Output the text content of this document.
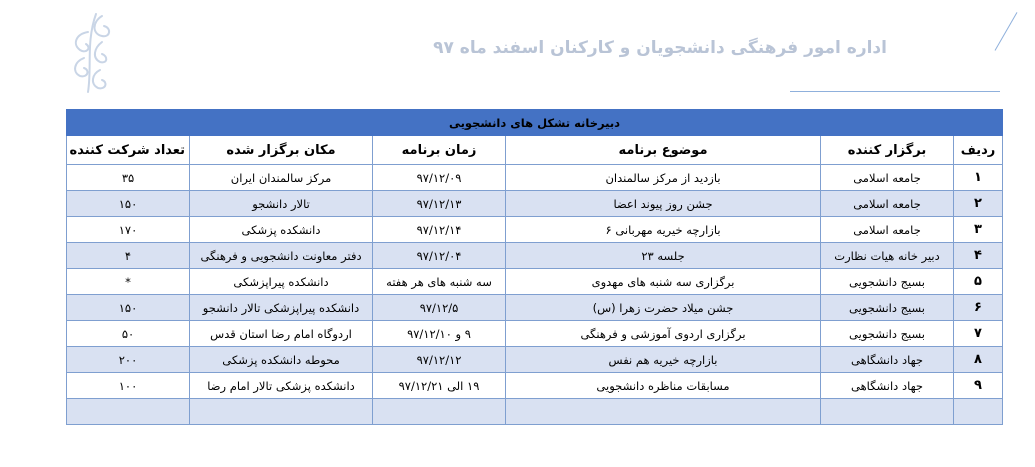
اداره امور فرهنگی دانشجویان و کارکنان اسفند ماه ۹۷
دبیرخانه تشکل های دانشجویی					
ردیف	برگزار کننده	موضوع برنامه	زمان برنامه	مکان برگزار شده	تعداد شرکت کننده
۱	جامعه اسلامی	بازدید از مرکز سالمندان	۹۷/۱۲/۰۹	مرکز سالمندان ایران	۳۵
۲	جامعه اسلامی	جشن روز پیوند اعضا	۹۷/۱۲/۱۳	تالار دانشجو	۱۵۰
۳	جامعه اسلامی	بازارچه خیریه مهربانی ۶	۹۷/۱۲/۱۴	دانشکده پزشکی	۱۷۰
۴	دبیر خانه هیات نظارت	جلسه ۲۳	۹۷/۱۲/۰۴	دفتر معاونت دانشجویی و فرهنگی	۴
۵	بسیج دانشجویی	برگزاری سه شنبه های مهدوی	سه شنبه های هر هفته	دانشکده پیراپزشکی	*
۶	بسیج دانشجویی	جشن میلاد حضرت زهرا (س)	۹۷/۱۲/۵	دانشکده پیراپزشکی تالار دانشجو	۱۵۰
۷	بسیج دانشجویی	برگزاری اردوی آموزشی و فرهنگی	۹ و ۹۷/۱۲/۱۰	اردوگاه امام رضا استان قدس	۵۰
۸	جهاد دانشگاهی	بازارچه خیریه هم نفس	۹۷/۱۲/۱۲	محوطه دانشکده پزشکی	۲۰۰
۹	جهاد دانشگاهی	مسابقات مناظره دانشجویی	۱۹ الی ۹۷/۱۲/۲۱	دانشکده پزشکی تالار امام رضا	۱۰۰
